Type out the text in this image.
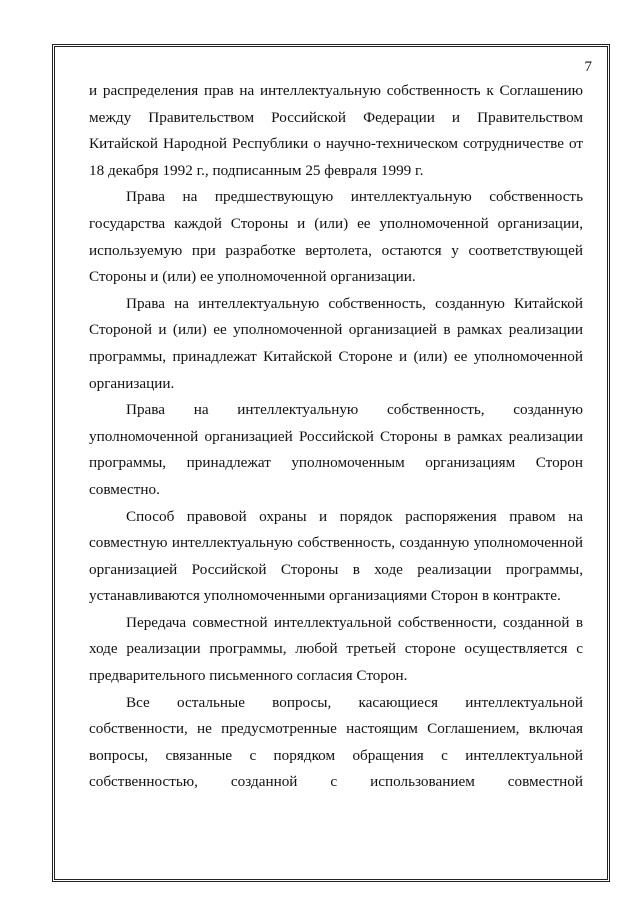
7

и распределения прав на интеллектуальную собственность к Соглашению между Правительством Российской Федерации и Правительством Китайской Народной Республики о научно-техническом сотрудничестве от 18 декабря 1992 г., подписанным 25 февраля 1999 г.

Права на предшествующую интеллектуальную собственность государства каждой Стороны и (или) ее уполномоченной организации, используемую при разработке вертолета, остаются у соответствующей Стороны и (или) ее уполномоченной организации.

Права на интеллектуальную собственность, созданную Китайской Стороной и (или) ее уполномоченной организацией в рамках реализации программы, принадлежат Китайской Стороне и (или) ее уполномоченной организации.

Права на интеллектуальную собственность, созданную уполномоченной организацией Российской Стороны в рамках реализации программы, принадлежат уполномоченным организациям Сторон совместно.

Способ правовой охраны и порядок распоряжения правом на совместную интеллектуальную собственность, созданную уполномоченной организацией Российской Стороны в ходе реализации программы, устанавливаются уполномоченными организациями Сторон в контракте.

Передача совместной интеллектуальной собственности, созданной в ходе реализации программы, любой третьей стороне осуществляется с предварительного письменного согласия Сторон.

Все остальные вопросы, касающиеся интеллектуальной собственности, не предусмотренные настоящим Соглашением, включая вопросы, связанные с порядком обращения с интеллектуальной собственностью, созданной с использованием совместной
